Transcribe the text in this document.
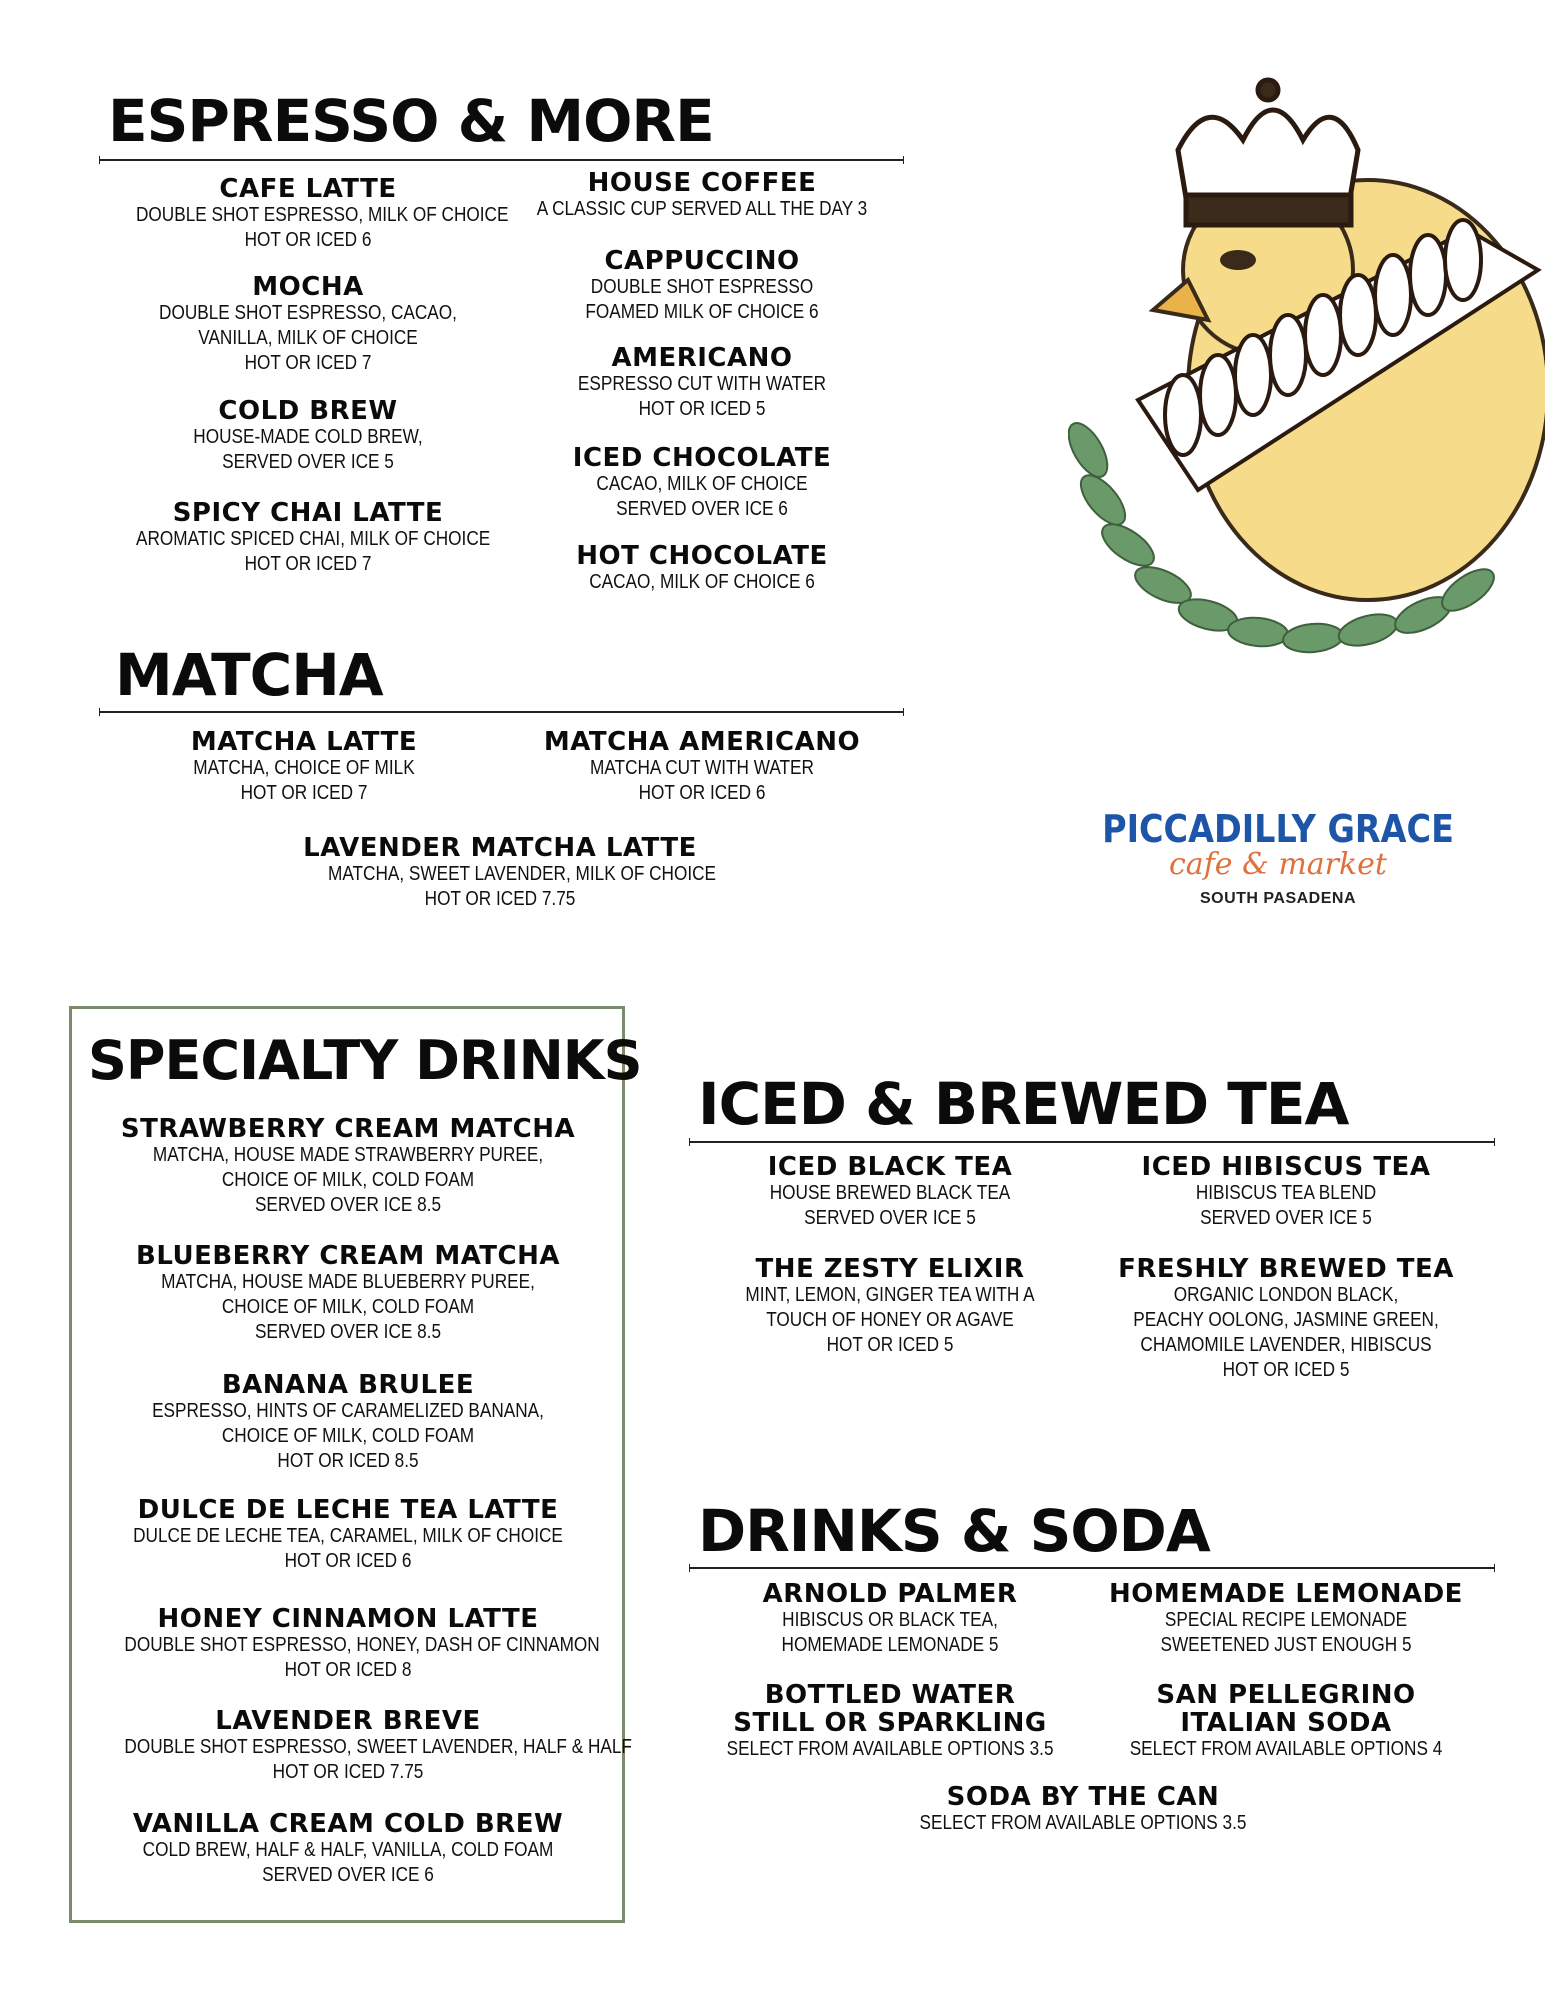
ESPRESSO & MORE
CAFE LATTE
DOUBLE SHOT ESPRESSO, MILK OF CHOICE
HOT OR ICED 6
MOCHA
DOUBLE SHOT ESPRESSO, CACAO,
VANILLA, MILK OF CHOICE
HOT OR ICED 7
COLD BREW
HOUSE-MADE COLD BREW,
SERVED OVER ICE 5
SPICY CHAI LATTE
AROMATIC SPICED CHAI, MILK OF CHOICE
HOT OR ICED 7
HOUSE COFFEE
A CLASSIC CUP SERVED ALL THE DAY 3
CAPPUCCINO
DOUBLE SHOT ESPRESSO
FOAMED MILK OF CHOICE 6
AMERICANO
ESPRESSO CUT WITH WATER
HOT OR ICED 5
ICED CHOCOLATE
CACAO, MILK OF CHOICE
SERVED OVER ICE 6
HOT CHOCOLATE
CACAO, MILK OF CHOICE 6
MATCHA
MATCHA LATTE
MATCHA, CHOICE OF MILK
HOT OR ICED 7
MATCHA AMERICANO
MATCHA CUT WITH WATER
HOT OR ICED 6
LAVENDER MATCHA LATTE
MATCHA, SWEET LAVENDER, MILK OF CHOICE
HOT OR ICED 7.75
PICCADILLY GRACE
cafe & market
SOUTH PASADENA
SPECIALTY DRINKS
STRAWBERRY CREAM MATCHA
MATCHA, HOUSE MADE STRAWBERRY PUREE,
CHOICE OF MILK, COLD FOAM
SERVED OVER ICE 8.5
BLUEBERRY CREAM MATCHA
MATCHA, HOUSE MADE BLUEBERRY PUREE,
CHOICE OF MILK, COLD FOAM
SERVED OVER ICE 8.5
BANANA BRULEE
ESPRESSO, HINTS OF CARAMELIZED BANANA,
CHOICE OF MILK, COLD FOAM
HOT OR ICED 8.5
DULCE DE LECHE TEA LATTE
DULCE DE LECHE TEA, CARAMEL, MILK OF CHOICE
HOT OR ICED 6
HONEY CINNAMON LATTE
DOUBLE SHOT ESPRESSO, HONEY, DASH OF CINNAMON
HOT OR ICED 8
LAVENDER BREVE
DOUBLE SHOT ESPRESSO, SWEET LAVENDER, HALF & HALF
HOT OR ICED 7.75
VANILLA CREAM COLD BREW
COLD BREW, HALF & HALF, VANILLA, COLD FOAM
SERVED OVER ICE 6
ICED & BREWED TEA
ICED BLACK TEA
HOUSE BREWED BLACK TEA
SERVED OVER ICE 5
ICED HIBISCUS TEA
HIBISCUS TEA BLEND
SERVED OVER ICE 5
THE ZESTY ELIXIR
MINT, LEMON, GINGER TEA WITH A
TOUCH OF HONEY OR AGAVE
HOT OR ICED 5
FRESHLY BREWED TEA
ORGANIC LONDON BLACK,
PEACHY OOLONG, JASMINE GREEN,
CHAMOMILE LAVENDER, HIBISCUS
HOT OR ICED 5
DRINKS & SODA
ARNOLD PALMER
HIBISCUS OR BLACK TEA,
HOMEMADE LEMONADE 5
HOMEMADE LEMONADE
SPECIAL RECIPE LEMONADE
SWEETENED JUST ENOUGH 5
BOTTLED WATER
STILL OR SPARKLING
SELECT FROM AVAILABLE OPTIONS 3.5
SAN PELLEGRINO
ITALIAN SODA
SELECT FROM AVAILABLE OPTIONS 4
SODA BY THE CAN
SELECT FROM AVAILABLE OPTIONS 3.5
